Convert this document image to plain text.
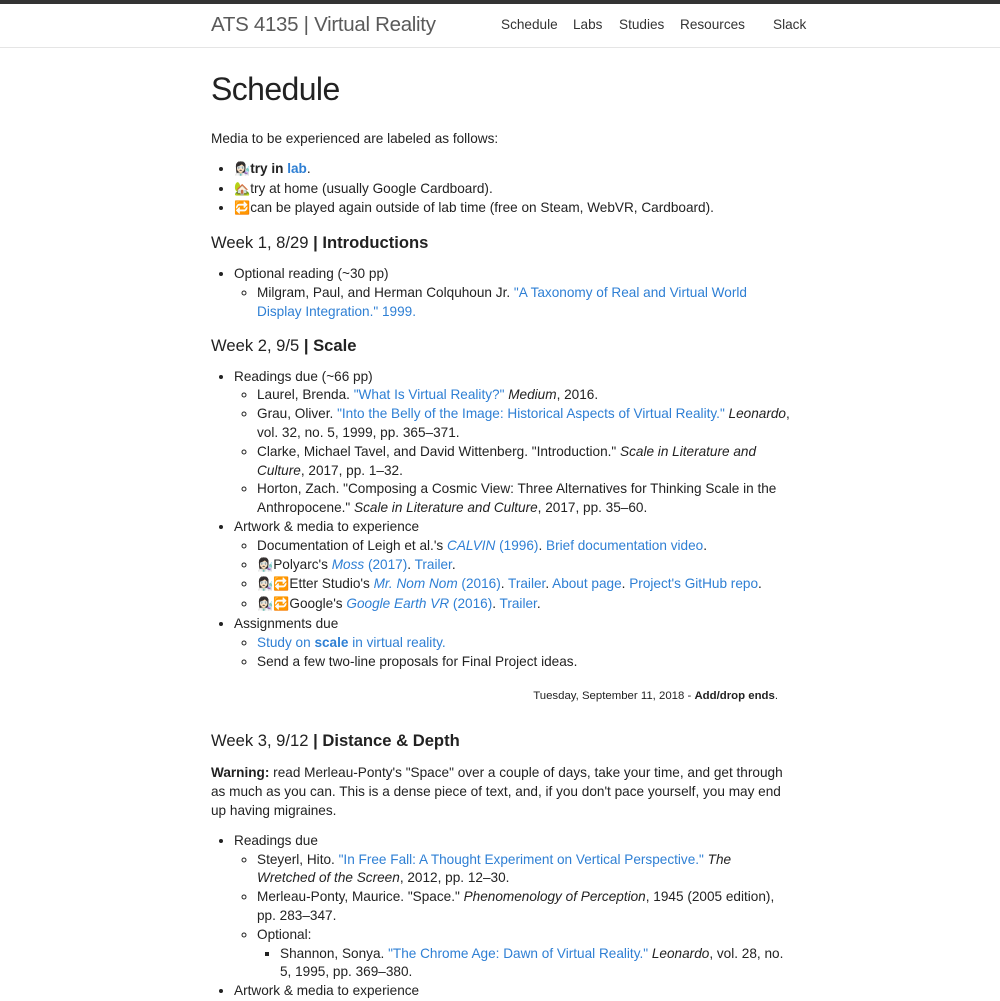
ATS 4135 | Virtual Reality	Schedule Labs Studies Resources Slack
Schedule

Media to be experienced are labeled as follows:

• 👩🏻‍🔬try in lab.
• 🏡try at home (usually Google Cardboard).
• 🔁can be played again outside of lab time (free on Steam, WebVR, Cardboard).
Week 1, 8/29 | Introductions
• Optional reading (~30 pp)
◦ Milgram, Paul, and Herman Colquhoun Jr. "A Taxonomy of Real and Virtual World Display Integration." 1999.
Week 2, 9/5 | Scale
• Readings due (~66 pp)
◦ Laurel, Brenda. "What Is Virtual Reality?" Medium, 2016.
◦ Grau, Oliver. "Into the Belly of the Image: Historical Aspects of Virtual Reality." Leonardo, vol. 32, no. 5, 1999, pp. 365–371.
◦ Clarke, Michael Tavel, and David Wittenberg. "Introduction." Scale in Literature and Culture, 2017, pp. 1–32.
◦ Horton, Zach. "Composing a Cosmic View: Three Alternatives for Thinking Scale in the Anthropocene." Scale in Literature and Culture, 2017, pp. 35–60.
• Artwork & media to experience
◦ Documentation of Leigh et al.'s CALVIN (1996). Brief documentation video.
◦ 👩🏻‍🔬Polyarc's Moss (2017). Trailer.
◦ 👩🏻‍🔬🔁Etter Studio's Mr. Nom Nom (2016). Trailer. About page. Project's GitHub repo.
◦ 👩🏻‍🔬🔁Google's Google Earth VR (2016). Trailer.
• Assignments due
◦ Study on scale in virtual reality.
◦ Send a few two-line proposals for Final Project ideas.
Tuesday, September 11, 2018 - Add/drop ends.
Week 3, 9/12 | Distance & Depth

Warning: read Merleau-Ponty's "Space" over a couple of days, take your time, and get through as much as you can. This is a dense piece of text, and, if you don't pace yourself, you may end up having migraines.

• Readings due
◦ Steyerl, Hito. "In Free Fall: A Thought Experiment on Vertical Perspective." The Wretched of the Screen, 2012, pp. 12–30.
◦ Merleau-Ponty, Maurice. "Space." Phenomenology of Perception, 1945 (2005 edition), pp. 283–347.
◦ Optional:
▪ Shannon, Sonya. "The Chrome Age: Dawn of Virtual Reality." Leonardo, vol. 28, no. 5, 1995, pp. 369–380.
• Artwork & media to experience
